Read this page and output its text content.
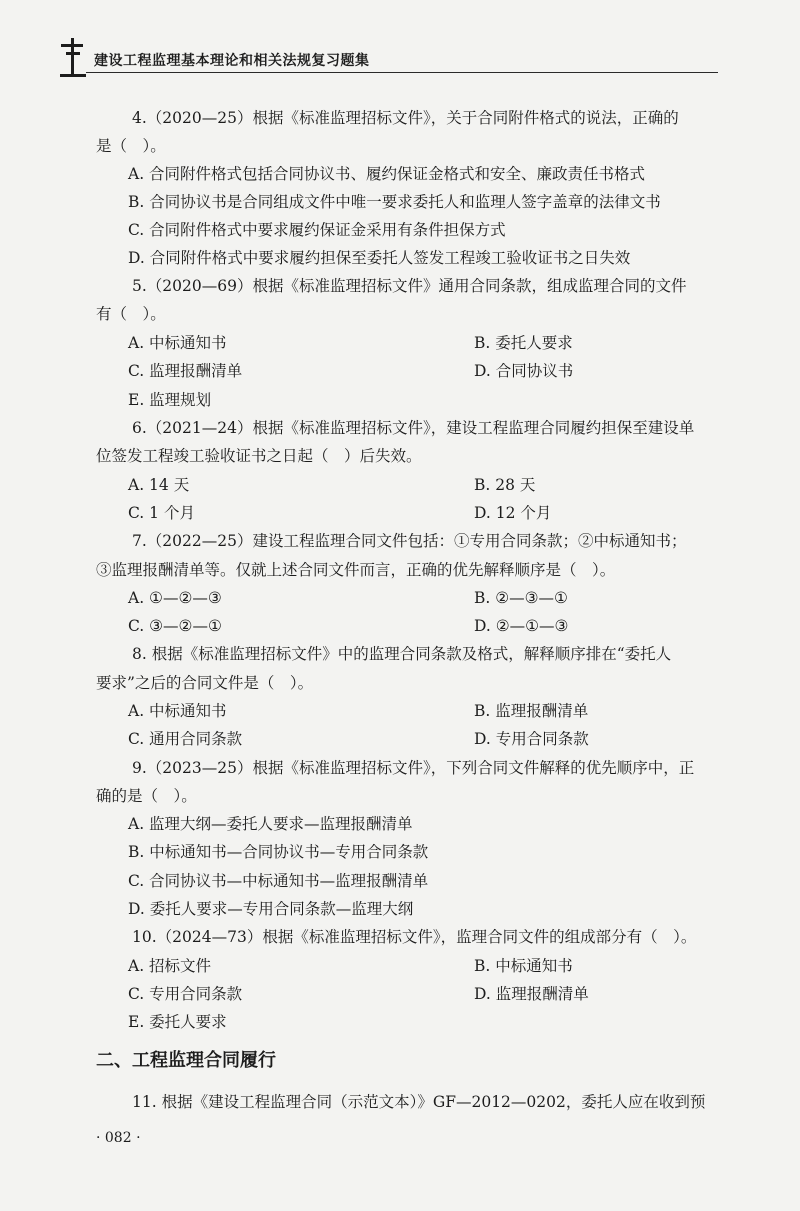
建设工程监理基本理论和相关法规复习题集
4.（2020—25）根据《标准监理招标文件》，关于合同附件格式的说法，正确的
是（　）。
A. 合同附件格式包括合同协议书、履约保证金格式和安全、廉政责任书格式
B. 合同协议书是合同组成文件中唯一要求委托人和监理人签字盖章的法律文书
C. 合同附件格式中要求履约保证金采用有条件担保方式
D. 合同附件格式中要求履约担保至委托人签发工程竣工验收证书之日失效
5.（2020—69）根据《标准监理招标文件》通用合同条款，组成监理合同的文件
有（　）。
A. 中标通知书	B. 委托人要求
C. 监理报酬清单	D. 合同协议书
E. 监理规划
6.（2021—24）根据《标准监理招标文件》，建设工程监理合同履约担保至建设单
位签发工程竣工验收证书之日起（　）后失效。
A. 14 天	B. 28 天
C. 1 个月	D. 12 个月
7.（2022—25）建设工程监理合同文件包括：①专用合同条款；②中标通知书；
③监理报酬清单等。仅就上述合同文件而言，正确的优先解释顺序是（　）。
A. ①—②—③	B. ②—③—①
C. ③—②—①	D. ②—①—③
8. 根据《标准监理招标文件》中的监理合同条款及格式，解释顺序排在“委托人
要求”之后的合同文件是（　）。
A. 中标通知书	B. 监理报酬清单
C. 通用合同条款	D. 专用合同条款
9.（2023—25）根据《标准监理招标文件》，下列合同文件解释的优先顺序中，正
确的是（　）。
A. 监理大纲—委托人要求—监理报酬清单
B. 中标通知书—合同协议书—专用合同条款
C. 合同协议书—中标通知书—监理报酬清单
D. 委托人要求—专用合同条款—监理大纲
10.（2024—73）根据《标准监理招标文件》，监理合同文件的组成部分有（　）。
A. 招标文件	B. 中标通知书
C. 专用合同条款	D. 监理报酬清单
E. 委托人要求
二、工程监理合同履行
11. 根据《建设工程监理合同（示范文本）》GF—2012—0202，委托人应在收到预
· 082 ·
